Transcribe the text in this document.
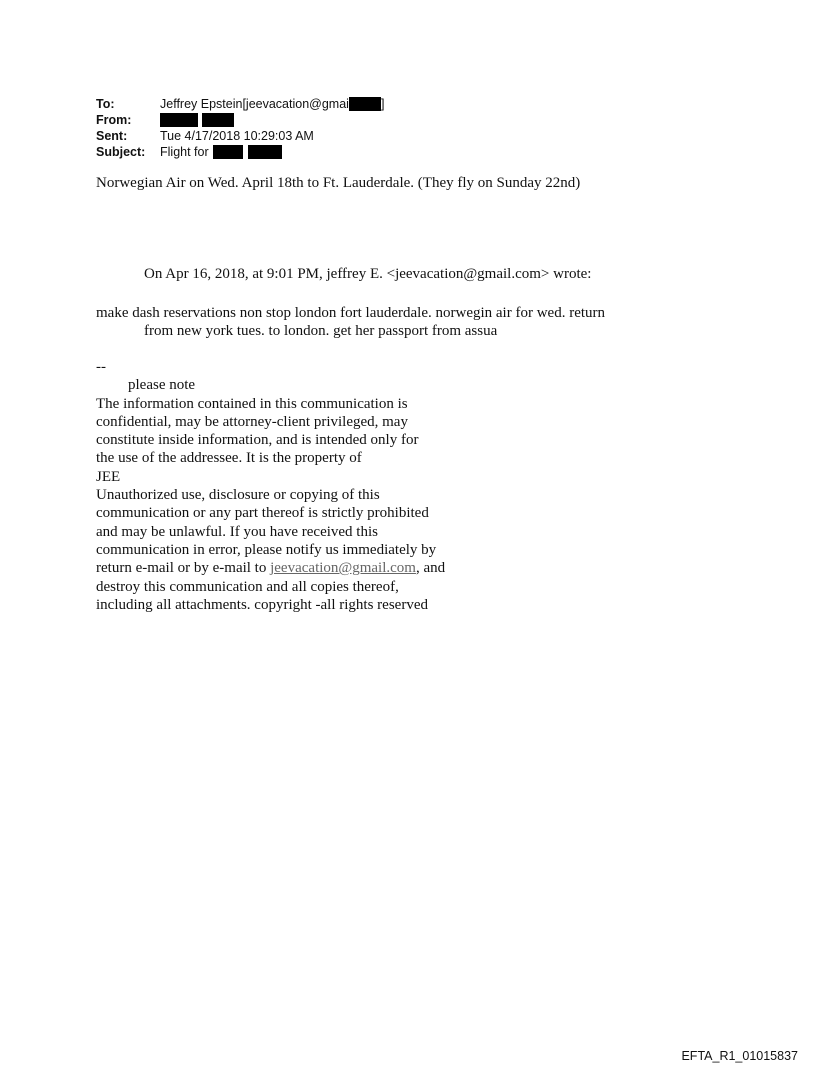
To:	Jeffrey Epstein[jeevacation@gmai	]
From:
Sent:	Tue 4/17/2018 10:29:03 AM
Subject:	Flight for
Norwegian Air on Wed. April 18th to Ft. Lauderdale. (They fly on Sunday 22nd)
On Apr 16, 2018, at 9:01 PM, jeffrey E. <jeevacation@gmail.com> wrote:
make dash reservations non stop london fort lauderdale. norwegin air for wed. return
from new york tues. to london. get her passport from assua
--
please note
The information contained in this communication is
confidential, may be attorney-client privileged, may
constitute inside information, and is intended only for
the use of the addressee. It is the property of
JEE
Unauthorized use, disclosure or copying of this
communication or any part thereof is strictly prohibited
and may be unlawful. If you have received this
communication in error, please notify us immediately by
return e-mail or by e-mail to jeevacation@gmail.com, and
destroy this communication and all copies thereof,
including all attachments. copyright -all rights reserved
EFTA_R1_01015837
